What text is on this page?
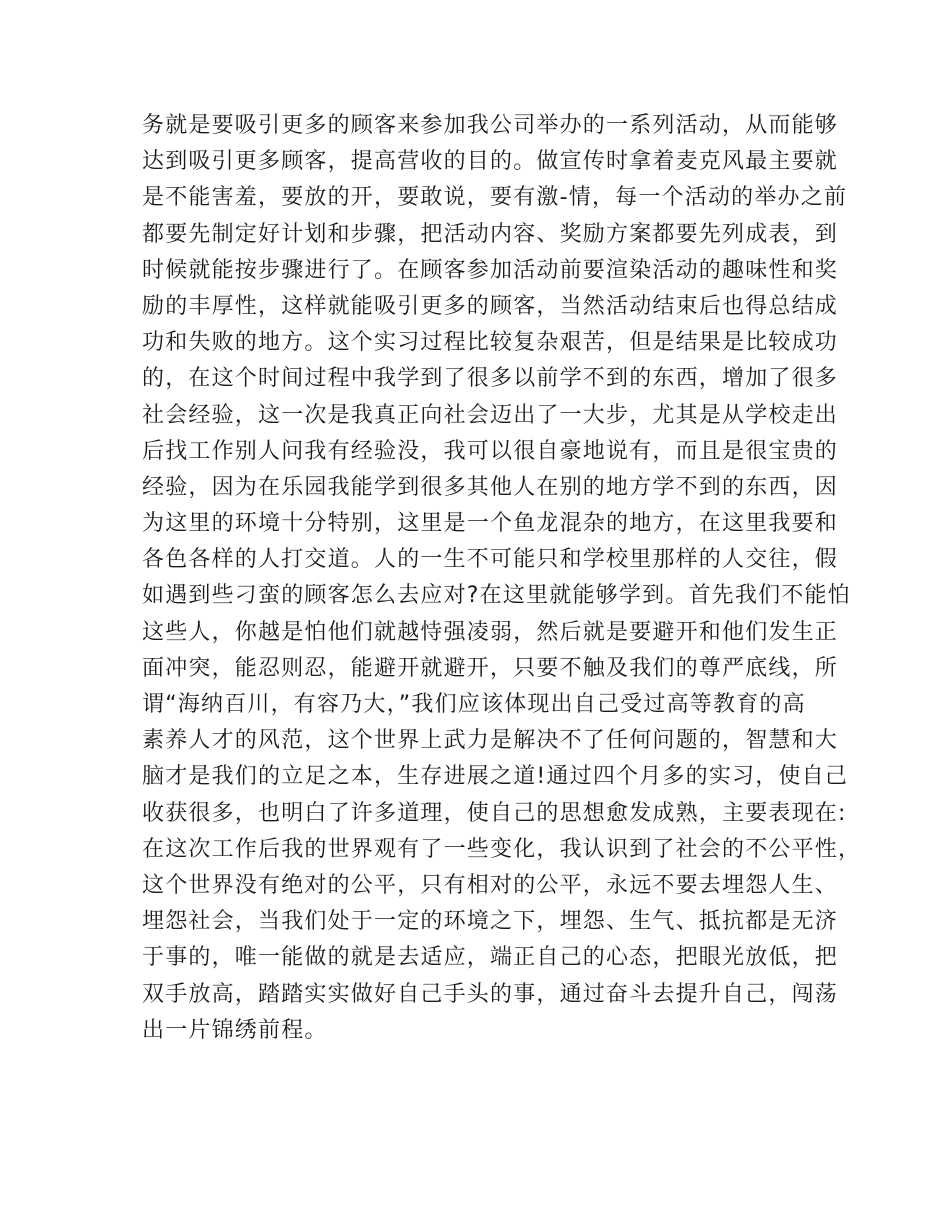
务就是要吸引更多的顾客来参加我公司举办的一系列活动，从而能够
达到吸引更多顾客，提高营收的目的。做宣传时拿着麦克风最主要就
是不能害羞，要放的开，要敢说，要有激-情，每一个活动的举办之前
都要先制定好计划和步骤，把活动内容、奖励方案都要先列成表，到
时候就能按步骤进行了。在顾客参加活动前要渲染活动的趣味性和奖
励的丰厚性，这样就能吸引更多的顾客，当然活动结束后也得总结成
功和失败的地方。这个实习过程比较复杂艰苦，但是结果是比较成功
的，在这个时间过程中我学到了很多以前学不到的东西，增加了很多
社会经验，这一次是我真正向社会迈出了一大步，尤其是从学校走出
后找工作别人问我有经验没，我可以很自豪地说有，而且是很宝贵的
经验，因为在乐园我能学到很多其他人在别的地方学不到的东西，因
为这里的环境十分特别，这里是一个鱼龙混杂的地方，在这里我要和
各色各样的人打交道。人的一生不可能只和学校里那样的人交往，假
如遇到些刁蛮的顾客怎么去应对?在这里就能够学到。首先我们不能怕
这些人，你越是怕他们就越恃强凌弱，然后就是要避开和他们发生正
面冲突，能忍则忍，能避开就避开，只要不触及我们的尊严底线，所
谓“海纳百川，有容乃大，”我们应该体现出自己受过高等教育的高
素养人才的风范，这个世界上武力是解决不了任何问题的，智慧和大
脑才是我们的立足之本，生存进展之道!通过四个月多的实习，使自己
收获很多，也明白了许多道理，使自己的思想愈发成熟，主要表现在:
在这次工作后我的世界观有了一些变化，我认识到了社会的不公平性，
这个世界没有绝对的公平，只有相对的公平，永远不要去埋怨人生、
埋怨社会，当我们处于一定的环境之下，埋怨、生气、抵抗都是无济
于事的，唯一能做的就是去适应，端正自己的心态，把眼光放低，把
双手放高，踏踏实实做好自己手头的事，通过奋斗去提升自己，闯荡
出一片锦绣前程。
